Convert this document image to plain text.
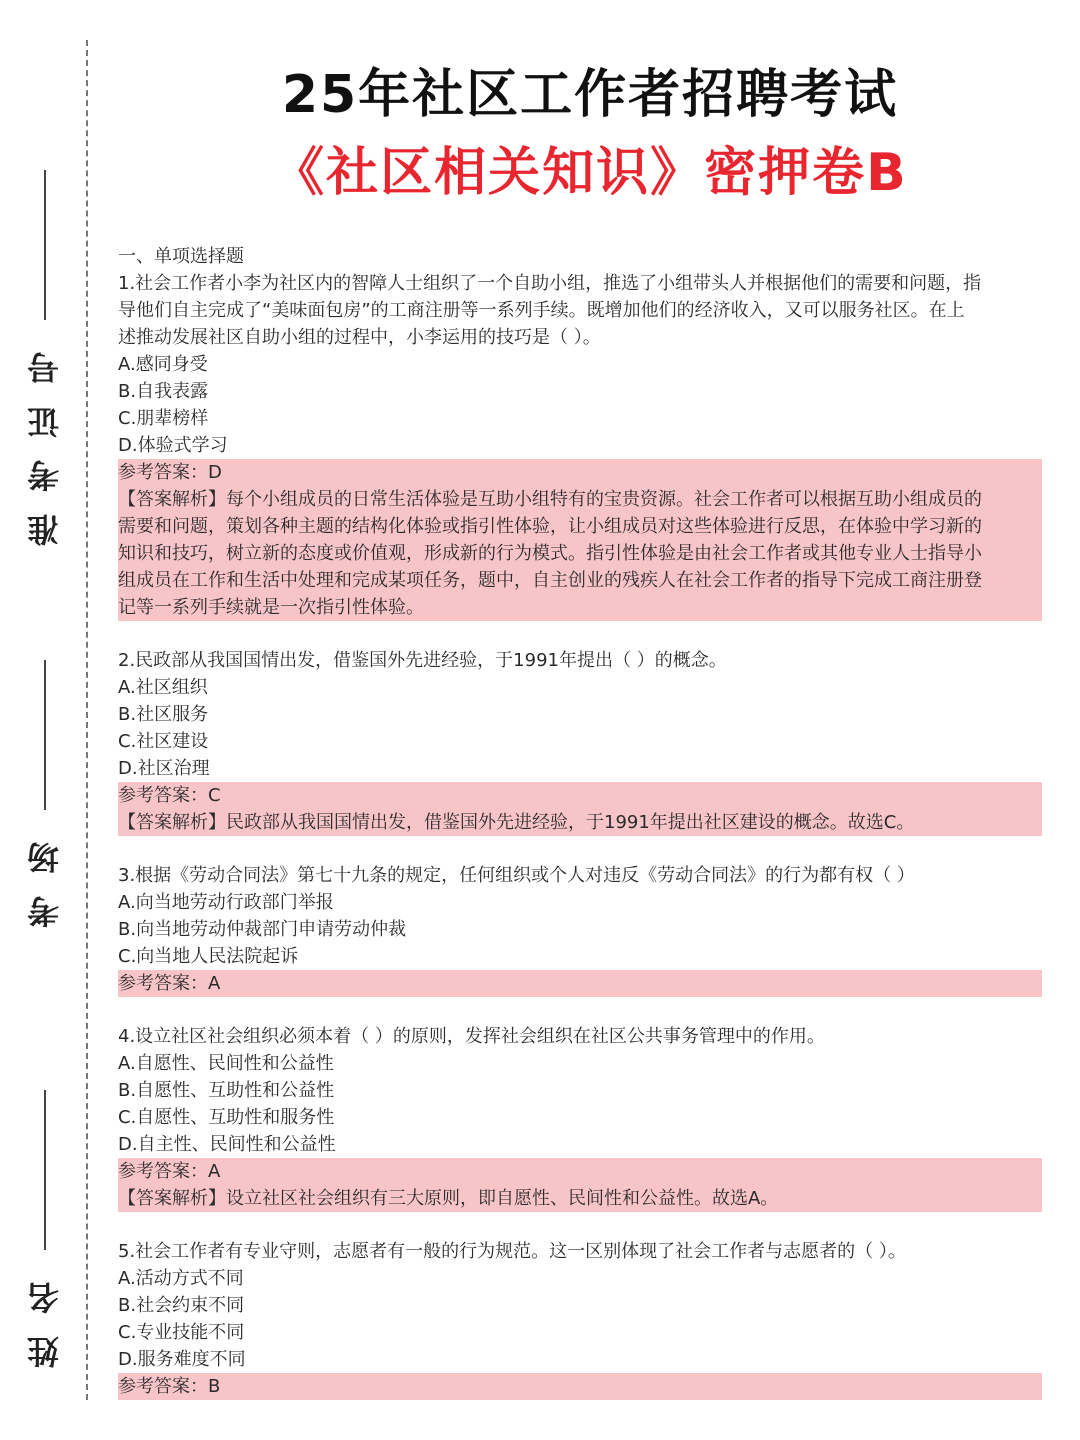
准考证号
考场
姓名
25年社区工作者招聘考试
《社区相关知识》密押卷B
一、单项选择题
1.社会工作者小李为社区内的智障人士组织了一个自助小组，推选了小组带头人并根据他们的需要和问题，指
导他们自主完成了“美味面包房”的工商注册等一系列手续。既增加他们的经济收入，又可以服务社区。在上
述推动发展社区自助小组的过程中，小李运用的技巧是（ ）。
A.感同身受
B.自我表露
C.朋辈榜样
D.体验式学习
参考答案：D
【答案解析】每个小组成员的日常生活体验是互助小组特有的宝贵资源。社会工作者可以根据互助小组成员的
需要和问题，策划各种主题的结构化体验或指引性体验，让小组成员对这些体验进行反思，在体验中学习新的
知识和技巧，树立新的态度或价值观，形成新的行为模式。指引性体验是由社会工作者或其他专业人士指导小
组成员在工作和生活中处理和完成某项任务，题中，自主创业的残疾人在社会工作者的指导下完成工商注册登
记等一系列手续就是一次指引性体验。
2.民政部从我国国情出发，借鉴国外先进经验，于1991年提出（ ）的概念。
A.社区组织
B.社区服务
C.社区建设
D.社区治理
参考答案：C
【答案解析】民政部从我国国情出发，借鉴国外先进经验，于1991年提出社区建设的概念。故选C。
3.根据《劳动合同法》第七十九条的规定，任何组织或个人对违反《劳动合同法》的行为都有权（ ）
A.向当地劳动行政部门举报
B.向当地劳动仲裁部门申请劳动仲裁
C.向当地人民法院起诉
参考答案：A
4.设立社区社会组织必须本着（ ）的原则，发挥社会组织在社区公共事务管理中的作用。
A.自愿性、民间性和公益性
B.自愿性、互助性和公益性
C.自愿性、互助性和服务性
D.自主性、民间性和公益性
参考答案：A
【答案解析】设立社区社会组织有三大原则，即自愿性、民间性和公益性。故选A。
5.社会工作者有专业守则，志愿者有一般的行为规范。这一区别体现了社会工作者与志愿者的（ ）。
A.活动方式不同
B.社会约束不同
C.专业技能不同
D.服务难度不同
参考答案：B
